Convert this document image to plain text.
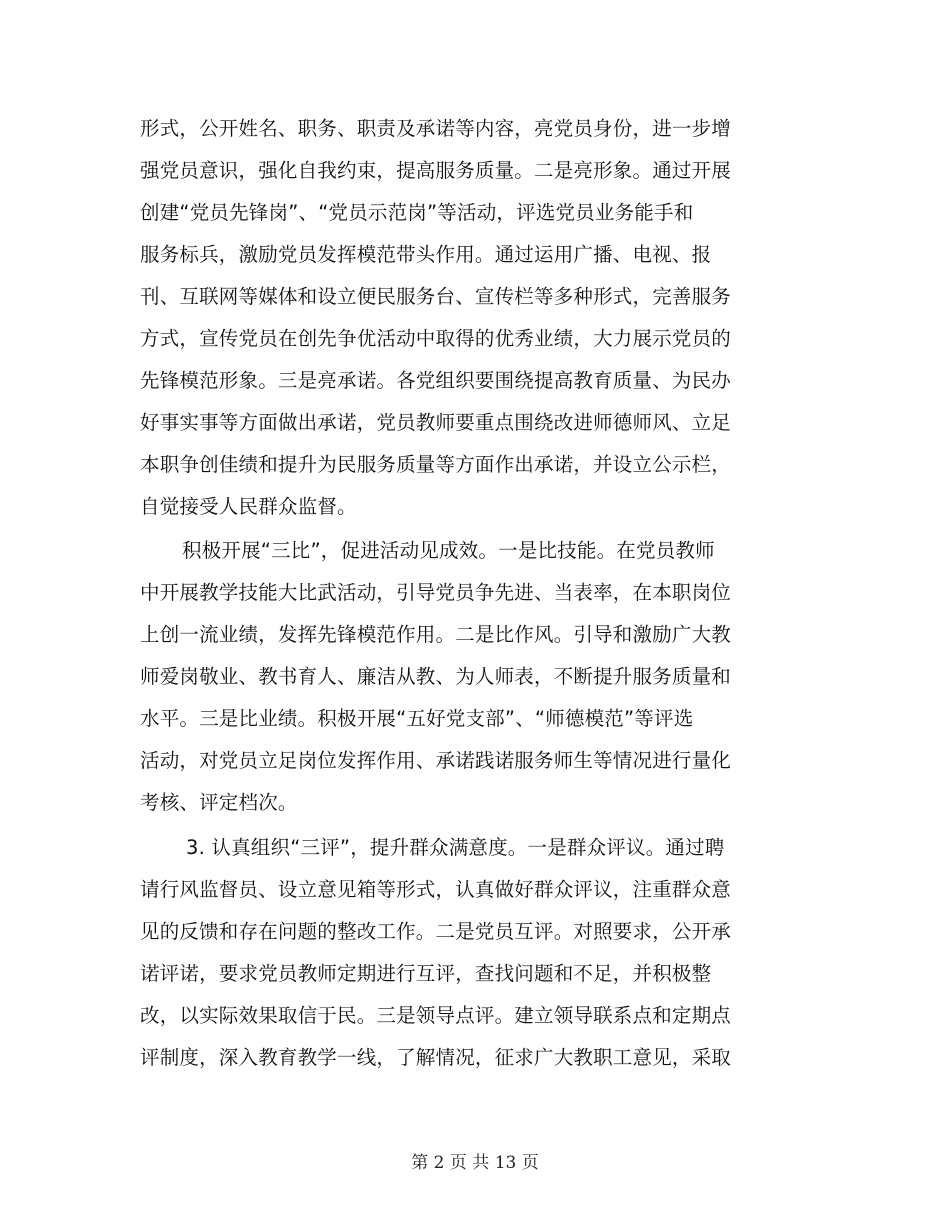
形式，公开姓名、职务、职责及承诺等内容，亮党员身份，进一步增
强党员意识，强化自我约束，提高服务质量。二是亮形象。通过开展
创建“党员先锋岗”、“党员示范岗”等活动，评选党员业务能手和
服务标兵，激励党员发挥模范带头作用。通过运用广播、电视、报
刊、互联网等媒体和设立便民服务台、宣传栏等多种形式，完善服务
方式，宣传党员在创先争优活动中取得的优秀业绩，大力展示党员的
先锋模范形象。三是亮承诺。各党组织要围绕提高教育质量、为民办
好事实事等方面做出承诺，党员教师要重点围绕改进师德师风、立足
本职争创佳绩和提升为民服务质量等方面作出承诺，并设立公示栏，
自觉接受人民群众监督。
积极开展“三比”，促进活动见成效。一是比技能。在党员教师
中开展教学技能大比武活动，引导党员争先进、当表率，在本职岗位
上创一流业绩，发挥先锋模范作用。二是比作风。引导和激励广大教
师爱岗敬业、教书育人、廉洁从教、为人师表，不断提升服务质量和
水平。三是比业绩。积极开展“五好党支部”、“师德模范”等评选
活动，对党员立足岗位发挥作用、承诺践诺服务师生等情况进行量化
考核、评定档次。
3. 认真组织“三评”，提升群众满意度。一是群众评议。通过聘
请行风监督员、设立意见箱等形式，认真做好群众评议，注重群众意
见的反馈和存在问题的整改工作。二是党员互评。对照要求，公开承
诺评诺，要求党员教师定期进行互评，查找问题和不足，并积极整
改，以实际效果取信于民。三是领导点评。建立领导联系点和定期点
评制度，深入教育教学一线，了解情况，征求广大教职工意见，采取
第 2 页 共 13 页
